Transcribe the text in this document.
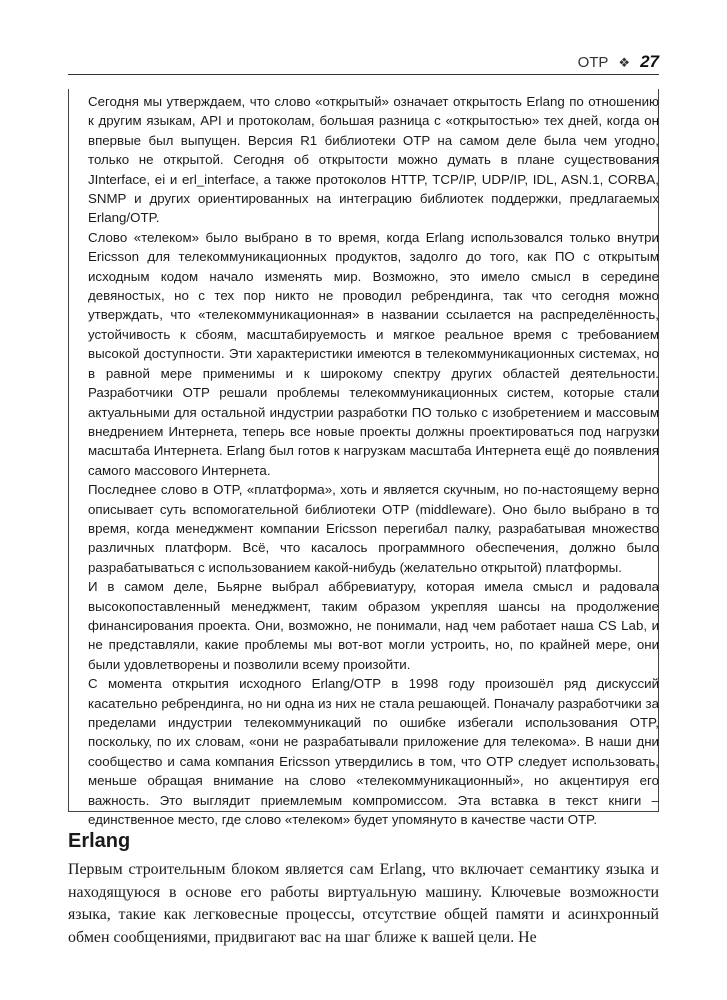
OTP ❖ 27

Сегодня мы утверждаем, что слово «открытый» означает открытость Erlang по отношению к другим языкам, API и протоколам, большая разница с «открытостью» тех дней, когда он впервые был выпущен. Версия R1 библиотеки OTP на самом деле была чем угодно, только не открытой. Сегодня об открытости можно думать в плане существования JInterface, ei и erl_interface, а также протоколов HTTP, TCP/IP, UDP/IP, IDL, ASN.1, CORBA, SNMP и других ориентированных на интеграцию библиотек поддержки, предлагаемых Erlang/OTP.

Слово «телеком» было выбрано в то время, когда Erlang использовался только внутри Ericsson для телекоммуникационных продуктов, задолго до того, как ПО с открытым исходным кодом начало изменять мир. Возможно, это имело смысл в середине девяностых, но с тех пор никто не проводил ребрендинга, так что сегодня можно утверждать, что «телекоммуникационная» в названии ссылается на распределённость, устойчивость к сбоям, масштабируемость и мягкое реальное время с требованием высокой доступности. Эти характеристики имеются в телекоммуникационных системах, но в равной мере применимы и к широкому спектру других областей деятельности. Разработчики OTP решали проблемы телекоммуникационных систем, которые стали актуальными для остальной индустрии разработки ПО только с изобретением и массовым внедрением Интернета, теперь все новые проекты должны проектироваться под нагрузки масштаба Интернета. Erlang был готов к нагрузкам масштаба Интернета ещё до появления самого массового Интернета.

Последнее слово в OTP, «платформа», хоть и является скучным, но по-настоящему верно описывает суть вспомогательной библиотеки OTP (middleware). Оно было выбрано в то время, когда менеджмент компании Ericsson перегибал палку, разрабатывая множество различных платформ. Всё, что касалось программного обеспечения, должно было разрабатываться с использованием какой-нибудь (желательно открытой) платформы.

И в самом деле, Бьярне выбрал аббревиатуру, которая имела смысл и радовала высокопоставленный менеджмент, таким образом укрепляя шансы на продолжение финансирования проекта. Они, возможно, не понимали, над чем работает наша CS Lab, и не представляли, какие проблемы мы вот-вот могли устроить, но, по крайней мере, они были удовлетворены и позволили всему произойти.

С момента открытия исходного Erlang/OTP в 1998 году произошёл ряд дискуссий касательно ребрендинга, но ни одна из них не стала решающей. Поначалу разработчики за пределами индустрии телекоммуникаций по ошибке избегали использования OTP, поскольку, по их словам, «они не разрабатывали приложение для телекома». В наши дни сообщество и сама компания Ericsson утвердились в том, что OTP следует использовать, меньше обращая внимание на слово «телекоммуникационный», но акцентируя его важность. Это выглядит приемлемым компромиссом. Эта вставка в текст книги – единственное место, где слово «телеком» будет упомянуто в качестве части OTP.

Erlang

Первым строительным блоком является сам Erlang, что включает семантику языка и находящуюся в основе его работы виртуальную машину. Ключевые возможности языка, такие как легковесные процессы, отсутствие общей памяти и асинхронный обмен сообщениями, придвигают вас на шаг ближе к вашей цели. Не
